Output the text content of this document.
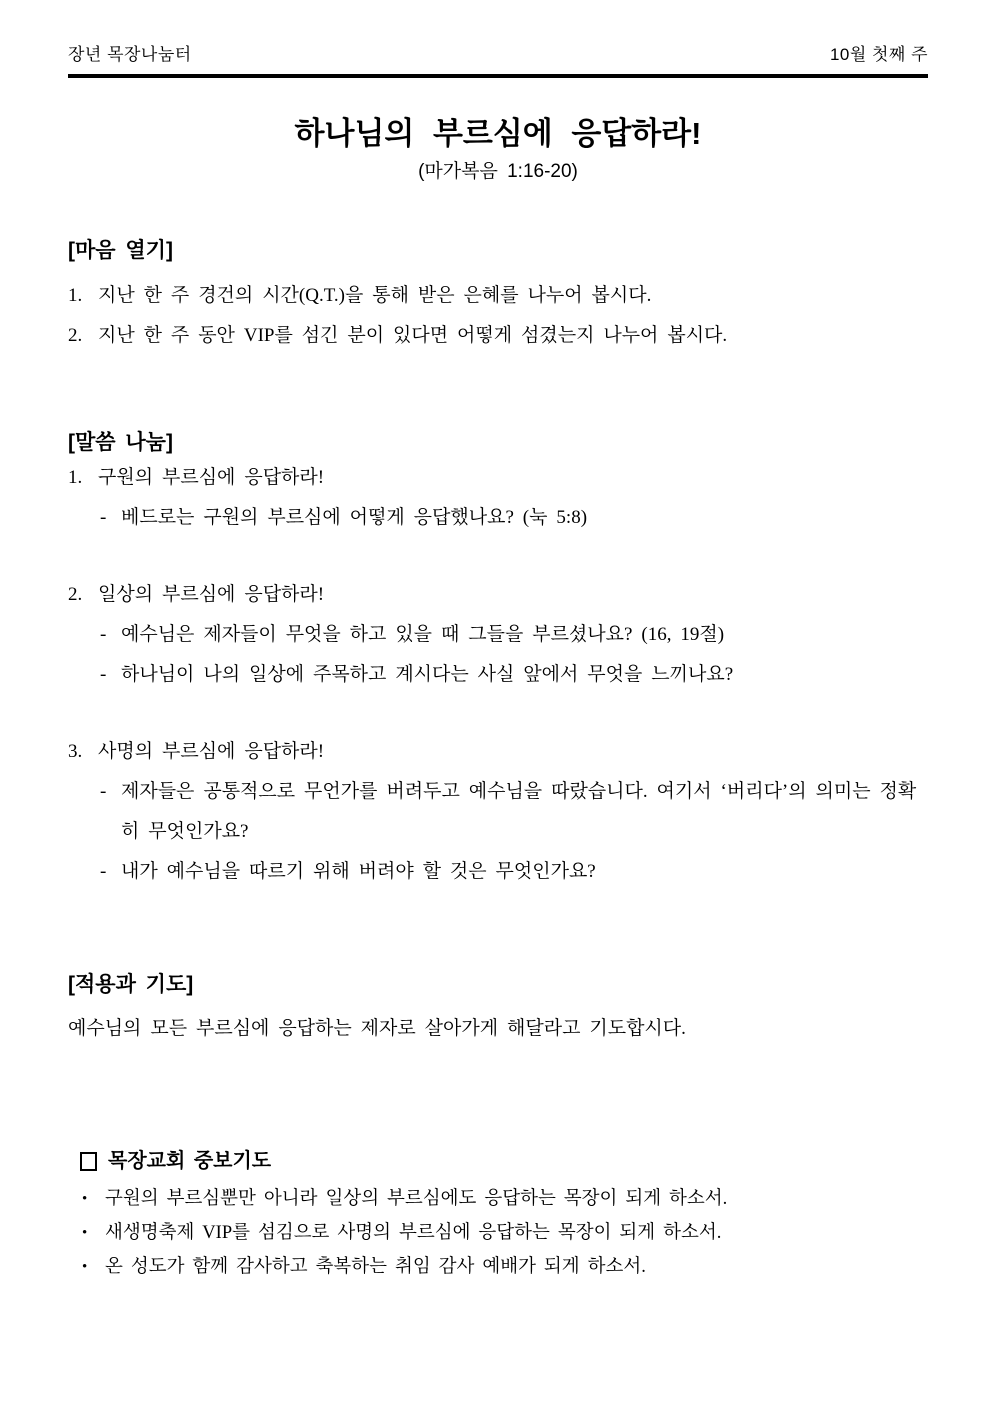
장년 목장나눔터	10월 첫째 주
하나님의 부르심에 응답하라!
(마가복음 1:16-20)
[마음 열기]
1. 지난 한 주 경건의 시간(Q.T.)을 통해 받은 은혜를 나누어 봅시다.
2. 지난 한 주 동안 VIP를 섬긴 분이 있다면 어떻게 섬겼는지 나누어 봅시다.
[말씀 나눔]
1. 구원의 부르심에 응답하라!
- 베드로는 구원의 부르심에 어떻게 응답했나요? (눅 5:8)
2. 일상의 부르심에 응답하라!
- 예수님은 제자들이 무엇을 하고 있을 때 그들을 부르셨나요? (16, 19절)
- 하나님이 나의 일상에 주목하고 계시다는 사실 앞에서 무엇을 느끼나요?
3. 사명의 부르심에 응답하라!
- 제자들은 공통적으로 무언가를 버려두고 예수님을 따랐습니다. 여기서 ‘버리다’의 의미는 정확히 무엇인가요?
- 내가 예수님을 따르기 위해 버려야 할 것은 무엇인가요?
[적용과 기도]
예수님의 모든 부르심에 응답하는 제자로 살아가게 해달라고 기도합시다.
목장교회 중보기도
• 구원의 부르심뿐만 아니라 일상의 부르심에도 응답하는 목장이 되게 하소서.
• 새생명축제 VIP를 섬김으로 사명의 부르심에 응답하는 목장이 되게 하소서.
• 온 성도가 함께 감사하고 축복하는 취임 감사 예배가 되게 하소서.
